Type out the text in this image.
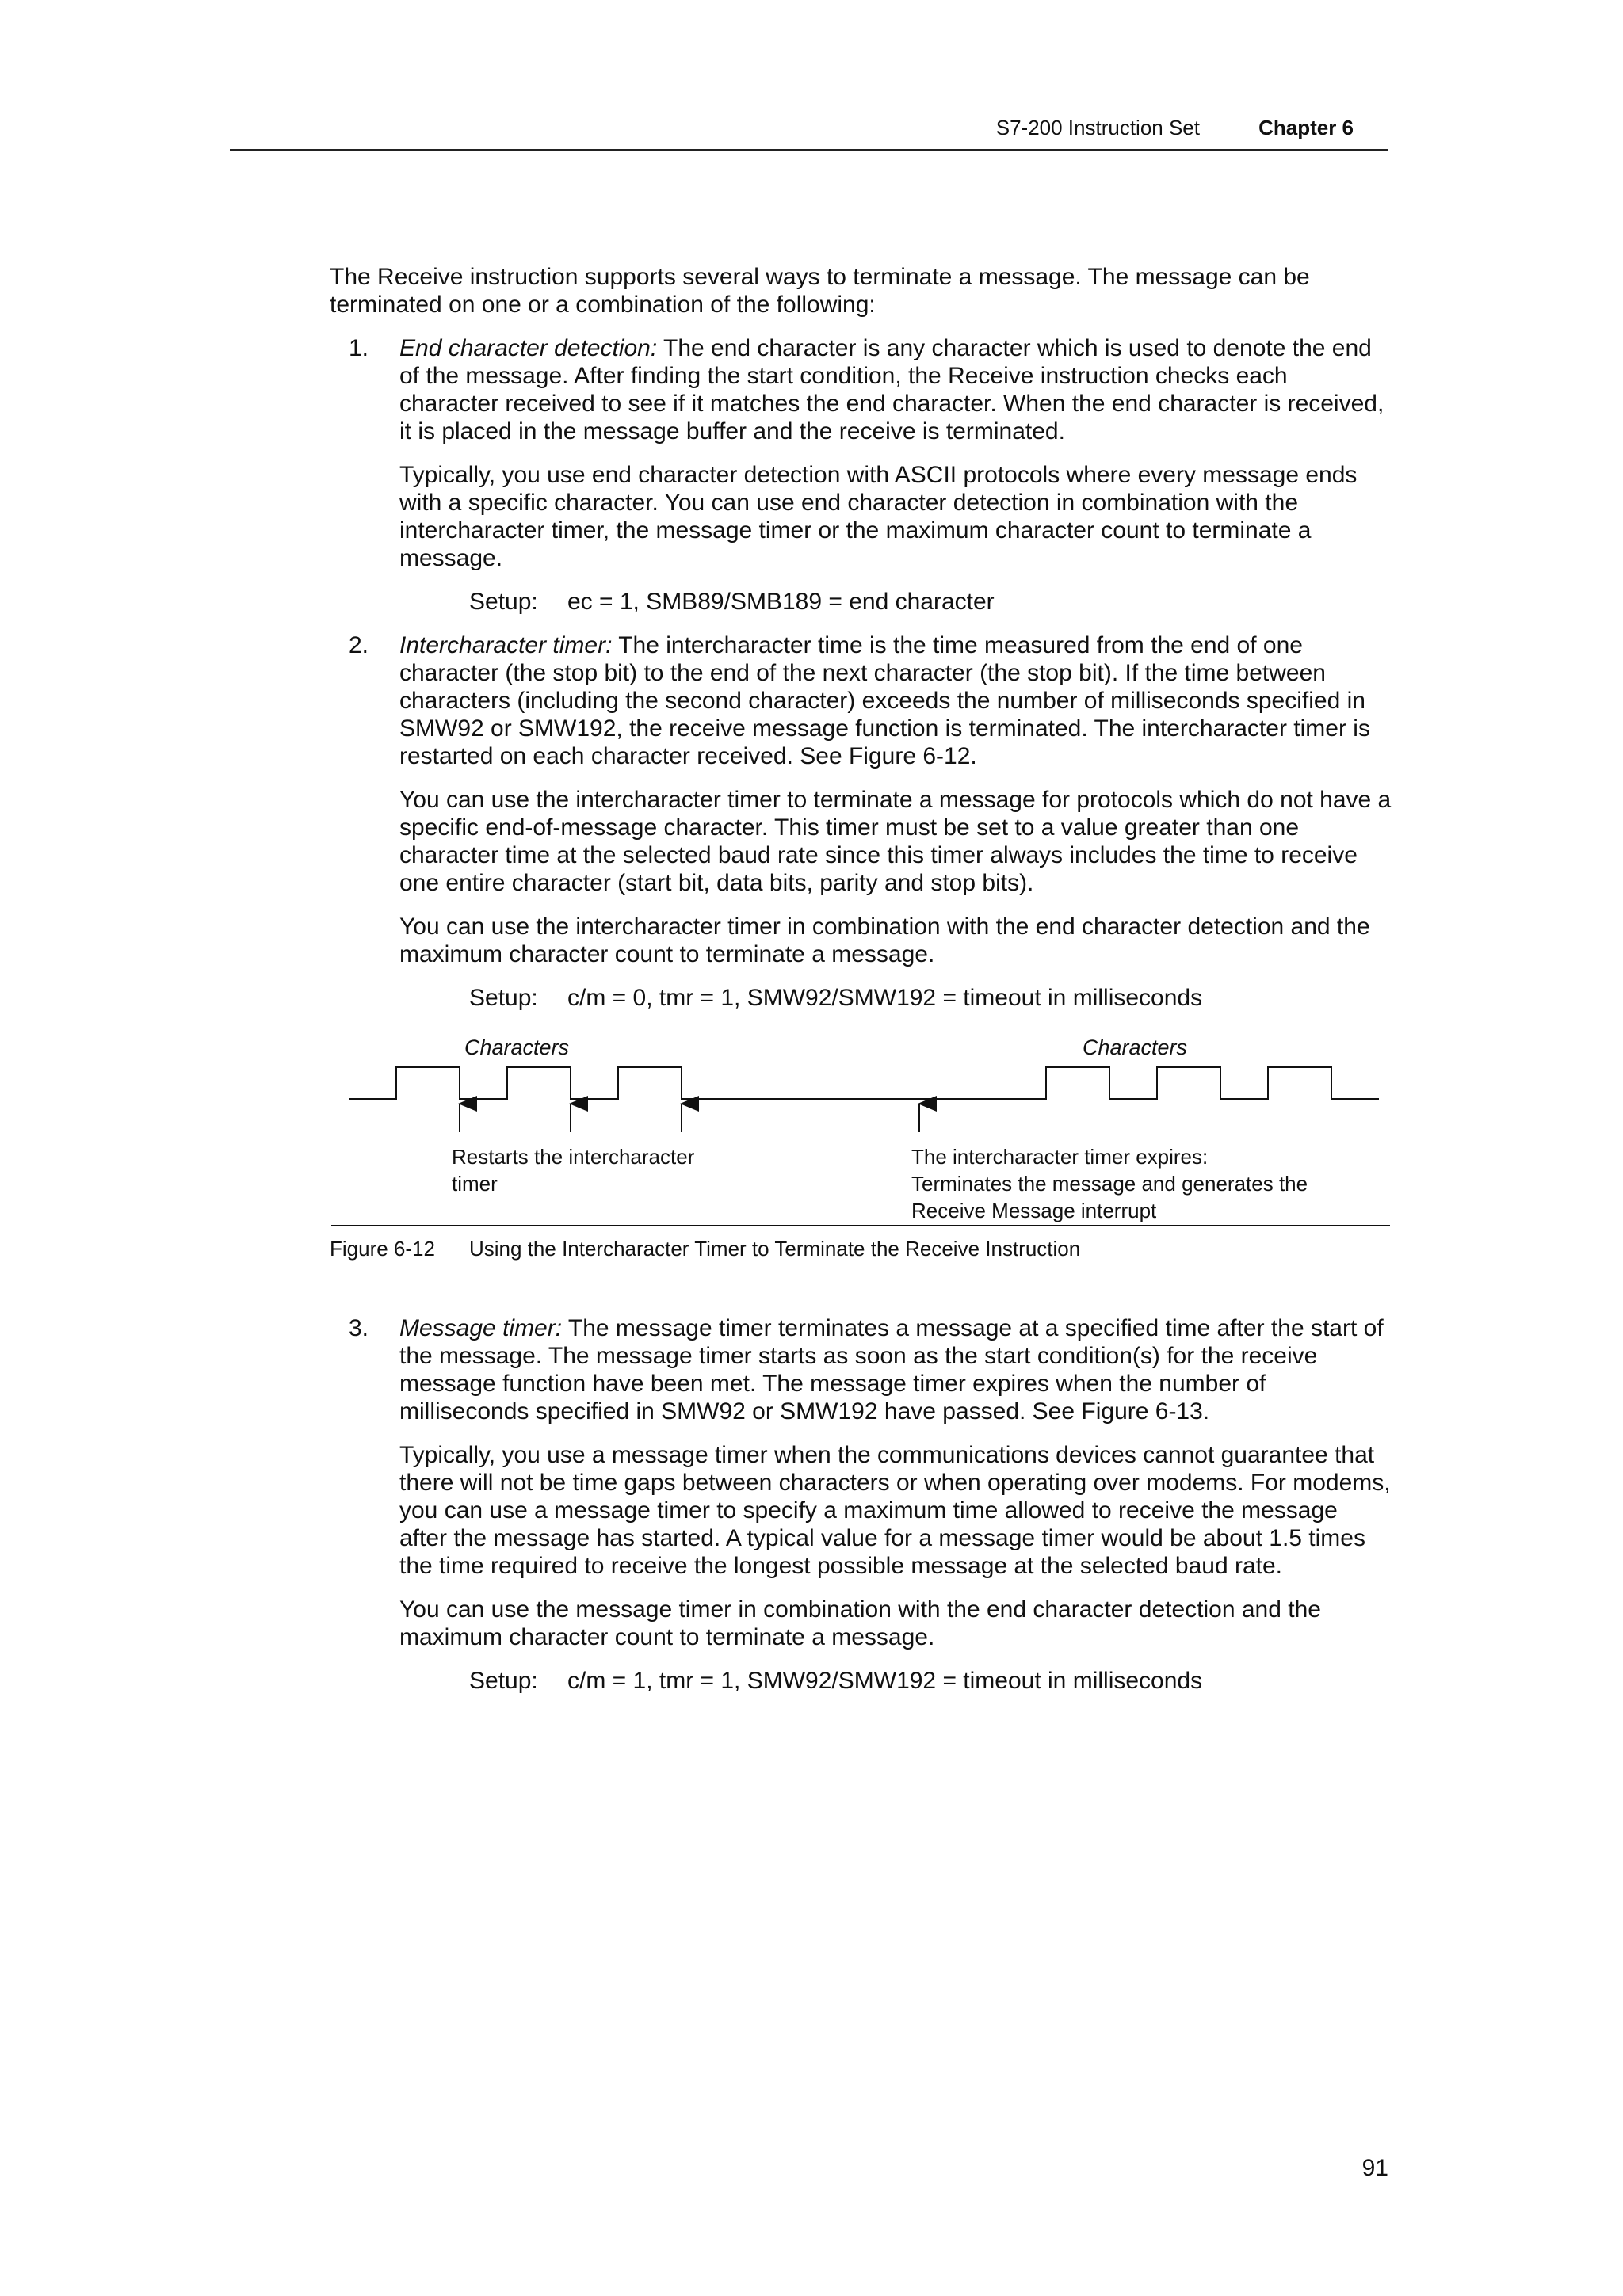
S7-200 Instruction Set	Chapter 6

The Receive instruction supports several ways to terminate a message. The message can be terminated on one or a combination of the following:

1. End character detection: The end character is any character which is used to denote the end of the message. After finding the start condition, the Receive instruction checks each character received to see if it matches the end character. When the end character is received, it is placed in the message buffer and the receive is terminated.

Typically, you use end character detection with ASCII protocols where every message ends with a specific character. You can use end character detection in combination with the intercharacter timer, the message timer or the maximum character count to terminate a message.

Setup: ec = 1, SMB89/SMB189 = end character
2. Intercharacter timer: The intercharacter time is the time measured from the end of one character (the stop bit) to the end of the next character (the stop bit). If the time between characters (including the second character) exceeds the number of milliseconds specified in SMW92 or SMW192, the receive message function is terminated. The intercharacter timer is restarted on each character received. See Figure 6-12.

You can use the intercharacter timer to terminate a message for protocols which do not have a specific end-of-message character. This timer must be set to a value greater than one character time at the selected baud rate since this timer always includes the time to receive one entire character (start bit, data bits, parity and stop bits).

You can use the intercharacter timer in combination with the end character detection and the maximum character count to terminate a message.

Setup: c/m = 0, tmr = 1, SMW92/SMW192 = timeout in milliseconds
Characters	Characters
Restarts the intercharacter
timer
The intercharacter timer expires:
Terminates the message and generates the
Receive Message interrupt
Figure 6-12 Using the Intercharacter Timer to Terminate the Receive Instruction
3. Message timer: The message timer terminates a message at a specified time after the start of the message. The message timer starts as soon as the start condition(s) for the receive message function have been met. The message timer expires when the number of milliseconds specified in SMW92 or SMW192 have passed. See Figure 6-13.

Typically, you use a message timer when the communications devices cannot guarantee that there will not be time gaps between characters or when operating over modems. For modems, you can use a message timer to specify a maximum time allowed to receive the message after the message has started. A typical value for a message timer would be about 1.5 times the time required to receive the longest possible message at the selected baud rate.

You can use the message timer in combination with the end character detection and the maximum character count to terminate a message.

Setup: c/m = 1, tmr = 1, SMW92/SMW192 = timeout in milliseconds
91
